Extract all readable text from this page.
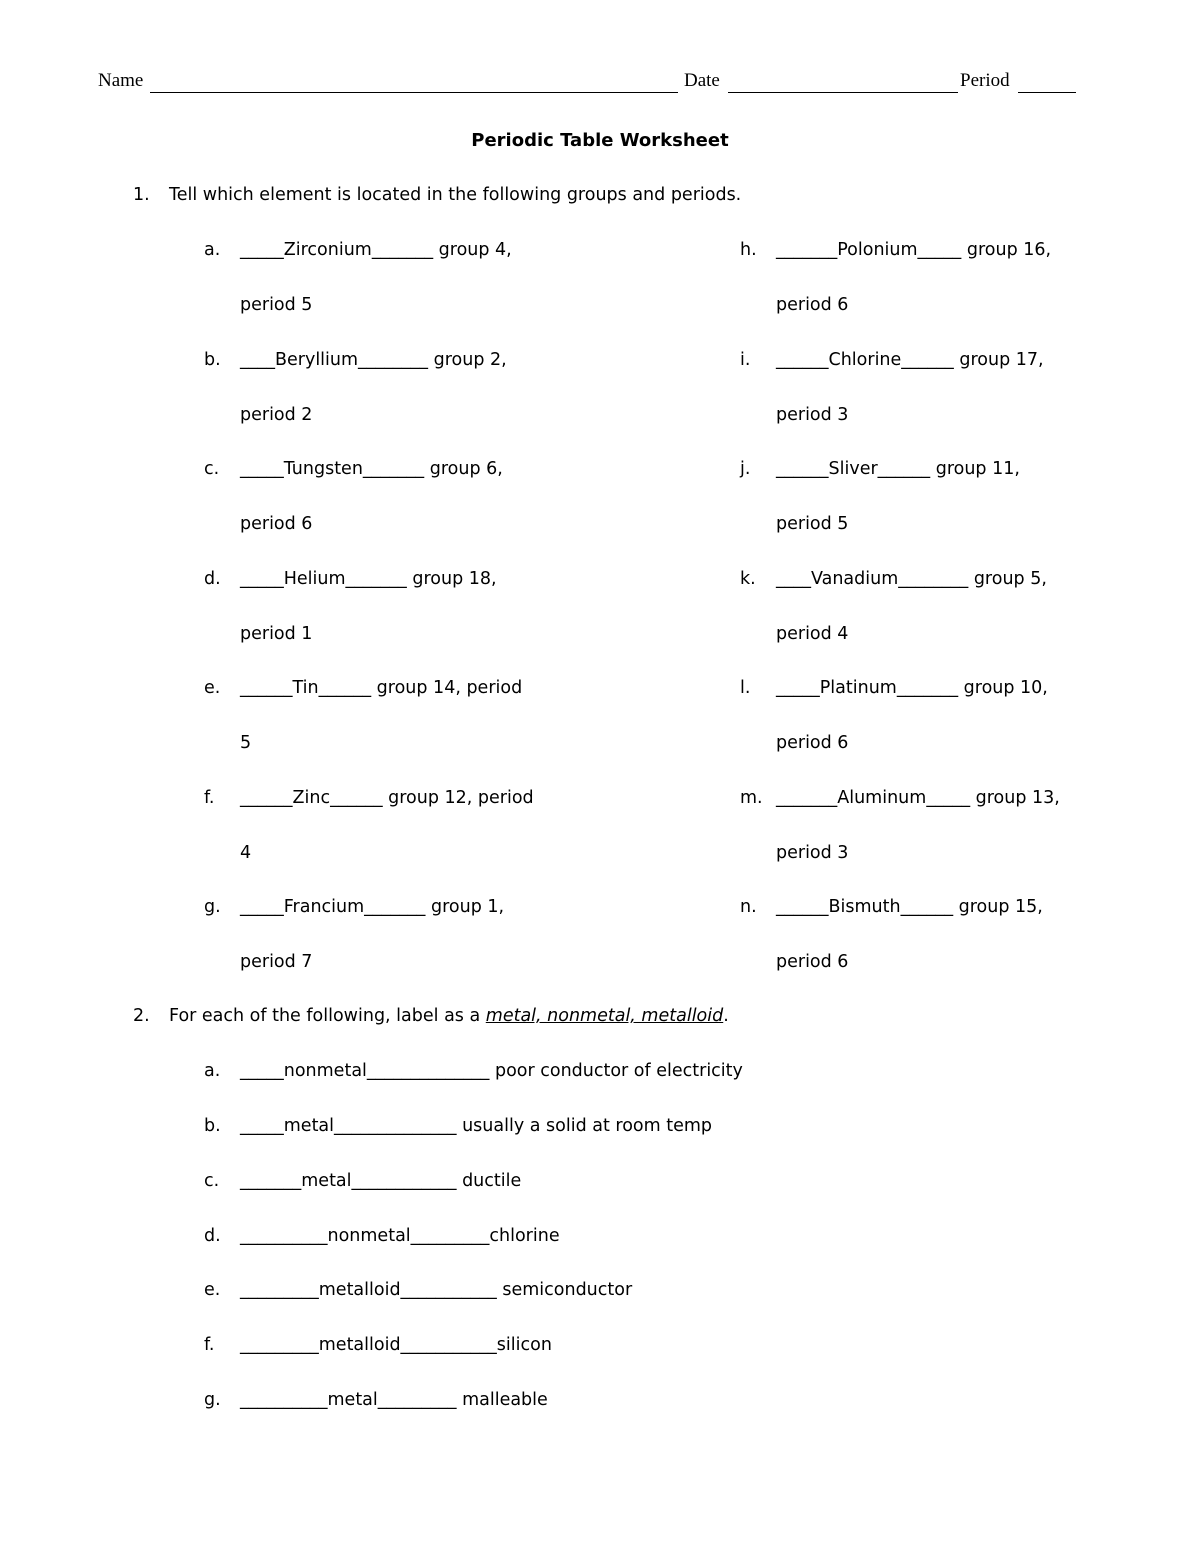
Name	Date	Period
Periodic Table Worksheet
1. Tell which element is located in the following groups and periods.
a. _____Zirconium_______ group 4,
period 5
b. ____Beryllium________ group 2,
period 2
c. _____Tungsten_______ group 6,
period 6
d. _____Helium_______ group 18,
period 1
e. ______Tin______ group 14, period
5
f. ______Zinc______ group 12, period
4
g. _____Francium_______ group 1,
period 7
h. _______Polonium_____ group 16,
period 6
i. ______Chlorine______ group 17,
period 3
j. ______Sliver______ group 11,
period 5
k. ____Vanadium________ group 5,
period 4
l. _____Platinum_______ group 10,
period 6
m. _______Aluminum_____ group 13,
period 3
n. ______Bismuth______ group 15,
period 6
2. For each of the following, label as a metal, nonmetal, metalloid.
a. _____nonmetal______________ poor conductor of electricity
b. _____metal______________ usually a solid at room temp
c. _______metal____________ ductile
d. __________nonmetal_________chlorine
e. _________metalloid___________ semiconductor
f. _________metalloid___________silicon
g. __________metal_________ malleable
